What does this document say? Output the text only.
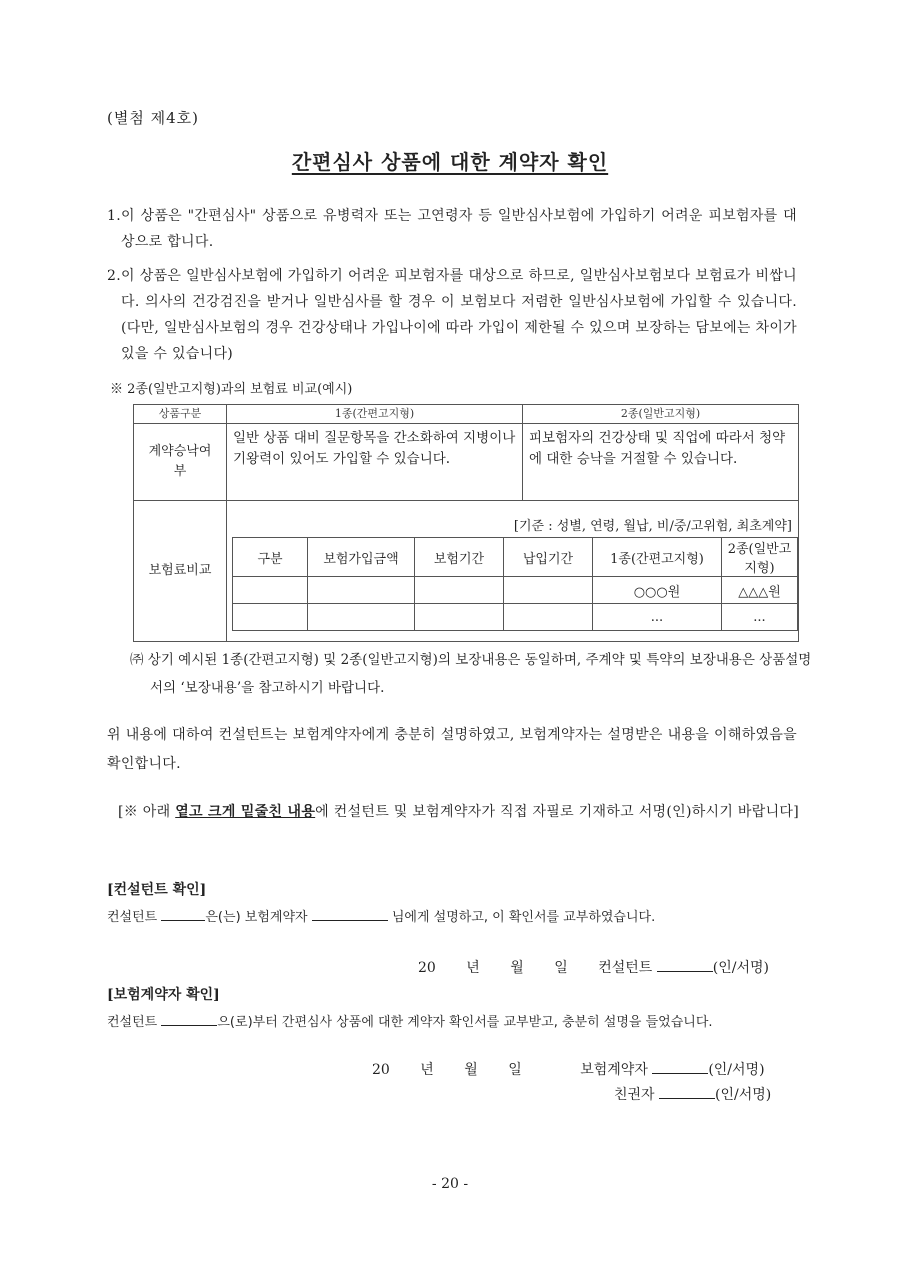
(별첨 제4호)
간편심사 상품에 대한 계약자 확인
1. 이 상품은 "간편심사" 상품으로 유병력자 또는 고연령자 등 일반심사보험에 가입하기 어려운 피보험자를 대상으로 합니다.
2. 이 상품은 일반심사보험에 가입하기 어려운 피보험자를 대상으로 하므로, 일반심사보험보다 보험료가 비쌉니다. 의사의 건강검진을 받거나 일반심사를 할 경우 이 보험보다 저렴한 일반심사보험에 가입할 수 있습니다. (다만, 일반심사보험의 경우 건강상태나 가입나이에 따라 가입이 제한될 수 있으며 보장하는 담보에는 차이가 있을 수 있습니다)
※ 2종(일반고지형)과의 보험료 비교(예시)
상품구분	1종(간편고지형)	2종(일반고지형)
계약승낙여부	일반 상품 대비 질문항목을 간소화하여 지병이나 기왕력이 있어도 가입할 수 있습니다.	피보험자의 건강상태 및 직업에 따라서 청약에 대한 승낙을 거절할 수 있습니다.
보험료비교	
[기준 : 성별, 연령, 월납, 비/중/고위험, 최초계약]
구분	보험가입금액	보험기간	납입기간	1종(간편고지형)	2종(일반고지형)
				○○○원	△△△원
				...	...
㈜ 상기 예시된 1종(간편고지형) 및 2종(일반고지형)의 보장내용은 동일하며, 주계약 및 특약의 보장내용은 상품설명서의 ‘보장내용’을 참고하시기 바랍니다.
위 내용에 대하여 컨설턴트는 보험계약자에게 충분히 설명하였고, 보험계약자는 설명받은 내용을 이해하였음을 확인합니다.
[※ 아래 옅고 크게 밑줄친 내용에 컨설턴트 및 보험계약자가 직접 자필로 기재하고 서명(인)하시기 바랍니다]
[컨설턴트 확인]
컨설턴트	은(는) 보험계약자	님에게 설명하고, 이 확인서를 교부하였습니다.
20 년 월 일 컨설턴트	(인/서명)
[보험계약자 확인]
컨설턴트	으(로)부터 간편심사 상품에 대한 계약자 확인서를 교부받고, 충분히 설명을 들었습니다.
20 년 월 일	보험계약자	(인/서명)
친권자	(인/서명)
- 20 -
